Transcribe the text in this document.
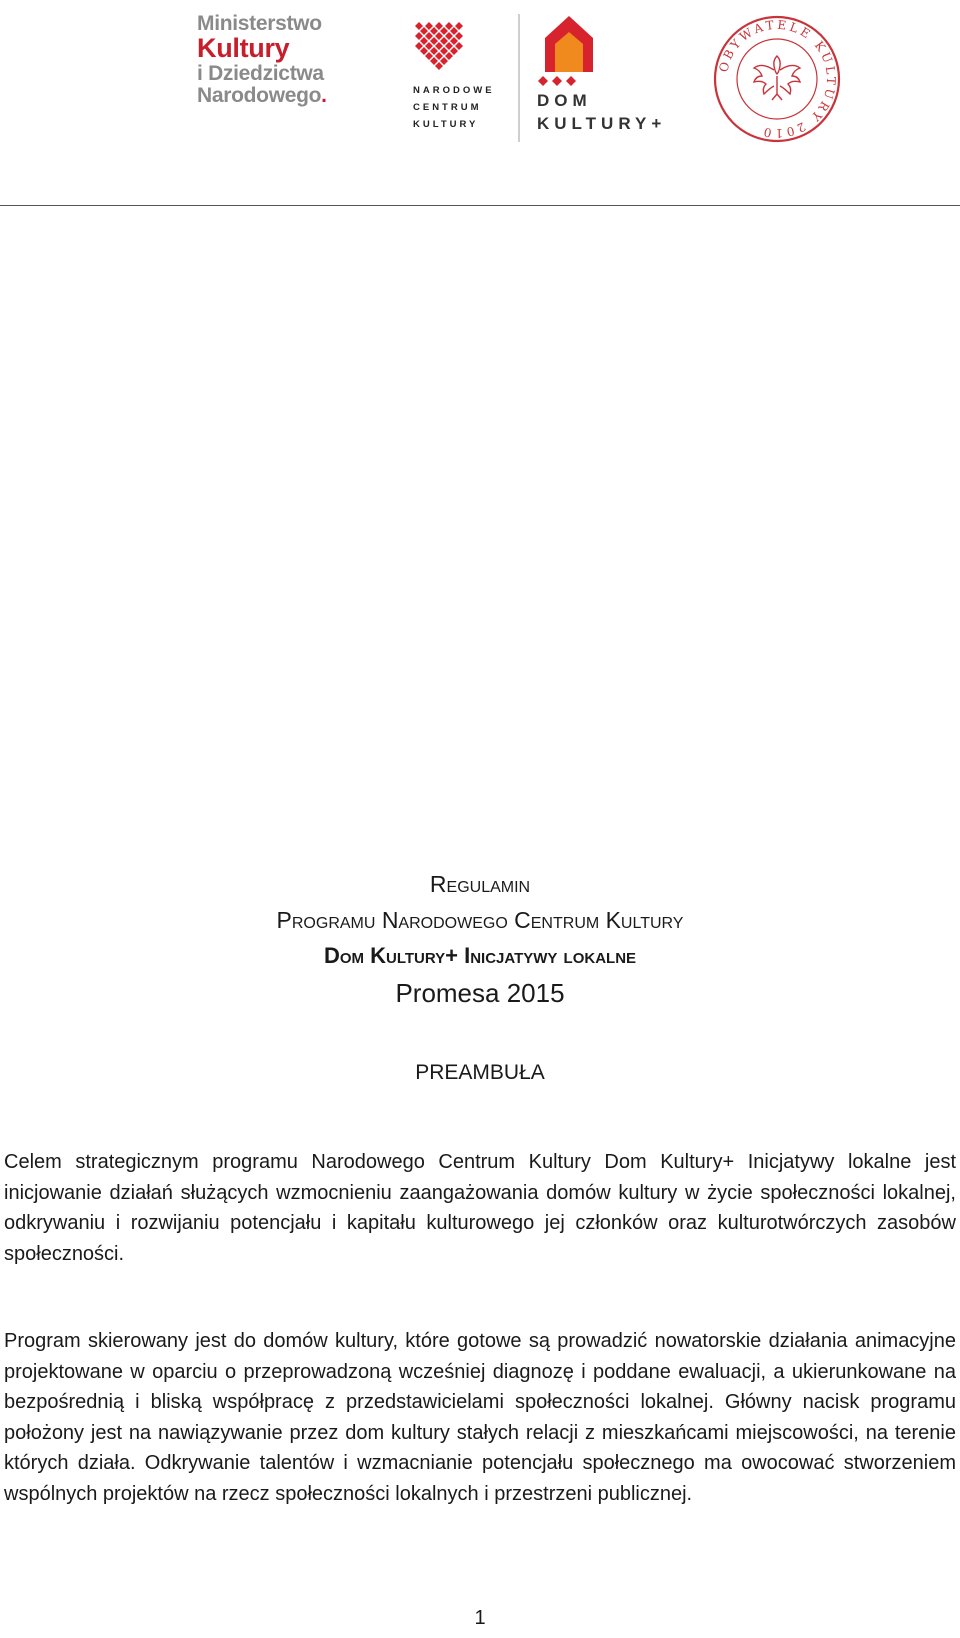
Ministerstwo
Kultury
i Dziedzictwa
Narodowego.	NARODOWE
CENTRUM
KULTURY
DOM
KULTURY+
OBYWATELE KULTURY 2010

Regulamin

Programu Narodowego Centrum Kultury

Dom Kultury+ Inicjatywy lokalne

Promesa 2015

PREAMBUŁA

Celem strategicznym programu Narodowego Centrum Kultury Dom Kultury+ Inicjatywy lokalne jest inicjowanie działań służących wzmocnieniu zaangażowania domów kultury w życie społeczności lokalnej, odkrywaniu i rozwijaniu potencjału i kapitału kulturowego jej członków oraz kulturotwórczych zasobów społeczności.

Program skierowany jest do domów kultury, które gotowe są prowadzić nowatorskie działania animacyjne projektowane w oparciu o przeprowadzoną wcześniej diagnozę i poddane ewaluacji, a ukierunkowane na bezpośrednią i bliską współpracę z przedstawicielami społeczności lokalnej. Główny nacisk programu położony jest na nawiązywanie przez dom kultury stałych relacji z mieszkańcami miejscowości, na terenie których działa. Odkrywanie talentów i wzmacnianie potencjału społecznego ma owocować stworzeniem wspólnych projektów na rzecz społeczności lokalnych i przestrzeni publicznej.

1
